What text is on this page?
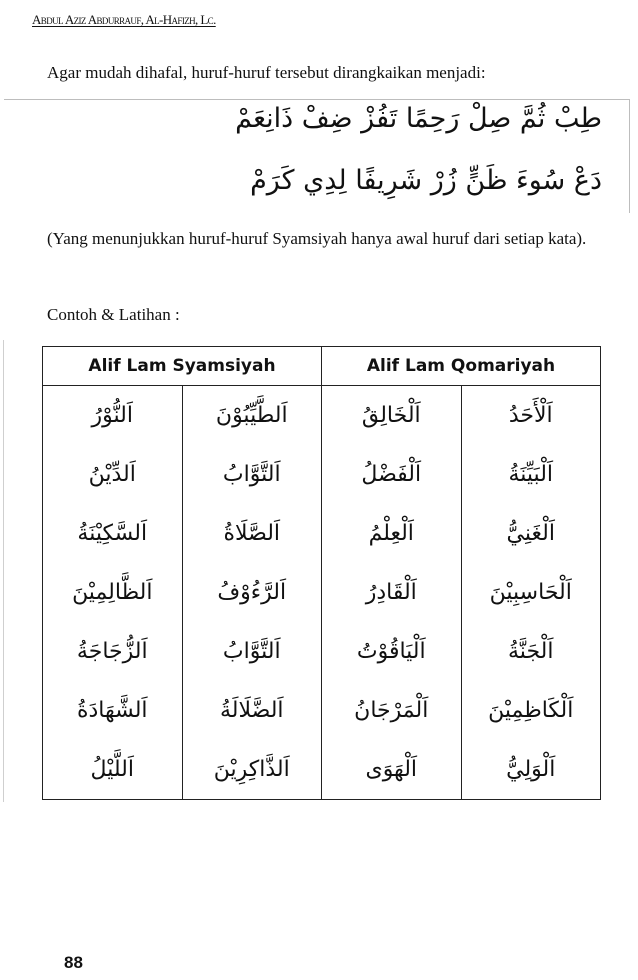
Abdul Aziz Abdurrauf, Al-Hafizh, Lc.
Agar mudah dihafal, huruf-huruf tersebut dirangkaikan menjadi:
طِبْ ثُمَّ صِلْ رَحِمًا تَفُزْ ضِفْ ذَانِعَمْ
دَعْ سُوءَ ظَنٍّ زُرْ شَرِيفًا لِدِي كَرَمْ
(Yang menunjukkan huruf-huruf Syamsiyah hanya awal huruf dari setiap kata).
Contoh & Latihan :
Alif Lam Syamsiyah		Alif Lam Qomariyah	
اَلنُّوْرُ	اَلطَّيِّبُوْنَ	اَلْخَالِقُ	اَلْأَحَدُ
اَلدِّيْنُ	اَلتَّوَّابُ	اَلْفَضْلُ	اَلْبَيِّنَةُ
اَلسَّكِيْنَةُ	اَلصَّلَاةُ	اَلْعِلْمُ	اَلْغَنِيُّ
اَلظَّالِمِيْنَ	اَلرَّءُوْفُ	اَلْقَادِرُ	اَلْحَاسِبِيْنَ
اَلزُّجَاجَةُ	اَلتَّوَّابُ	اَلْيَاقُوْتُ	اَلْجَنَّةُ
اَلشَّهَادَةُ	اَلضَّلَالَةُ	اَلْمَرْجَانُ	اَلْكَاظِمِيْنَ
اَللَّيْلُ	اَلذَّاكِرِيْنَ	اَلْهَوَى	اَلْوَلِيُّ
88
